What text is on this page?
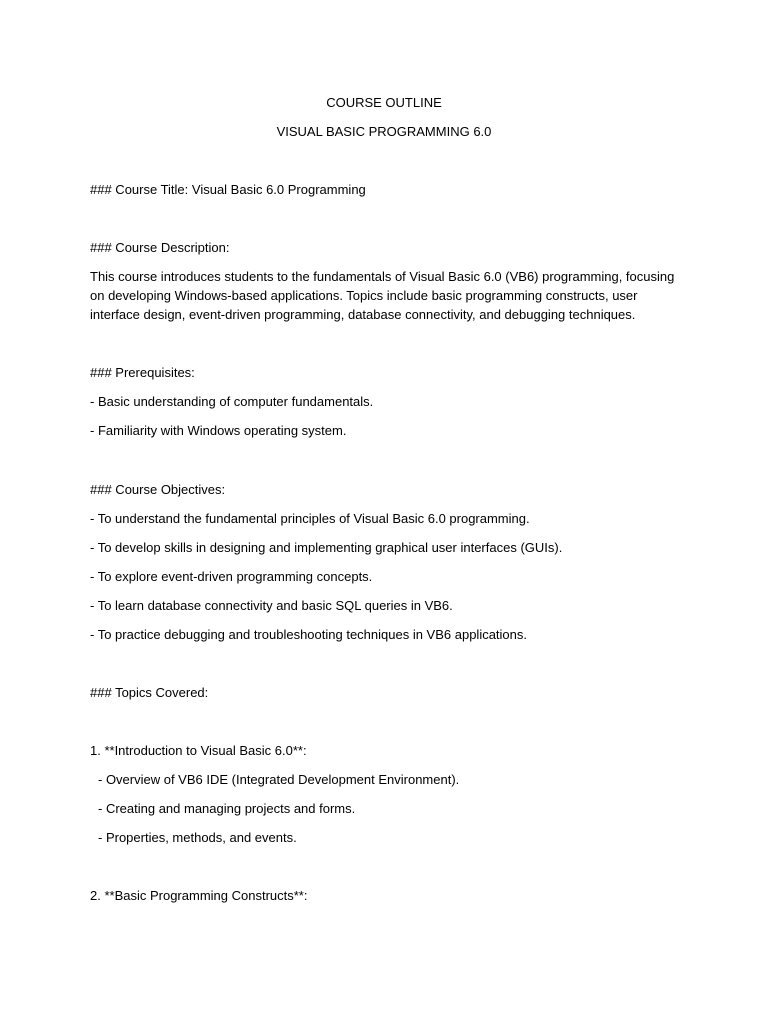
COURSE OUTLINE
VISUAL BASIC PROGRAMMING 6.0
### Course Title: Visual Basic 6.0 Programming
### Course Description:
This course introduces students to the fundamentals of Visual Basic 6.0 (VB6) programming, focusing
on developing Windows-based applications. Topics include basic programming constructs, user
interface design, event-driven programming, database connectivity, and debugging techniques.
### Prerequisites:
- Basic understanding of computer fundamentals.
- Familiarity with Windows operating system.
### Course Objectives:
- To understand the fundamental principles of Visual Basic 6.0 programming.
- To develop skills in designing and implementing graphical user interfaces (GUIs).
- To explore event-driven programming concepts.
- To learn database connectivity and basic SQL queries in VB6.
- To practice debugging and troubleshooting techniques in VB6 applications.
### Topics Covered:
1. **Introduction to Visual Basic 6.0**:
- Overview of VB6 IDE (Integrated Development Environment).
- Creating and managing projects and forms.
- Properties, methods, and events.
2. **Basic Programming Constructs**:
